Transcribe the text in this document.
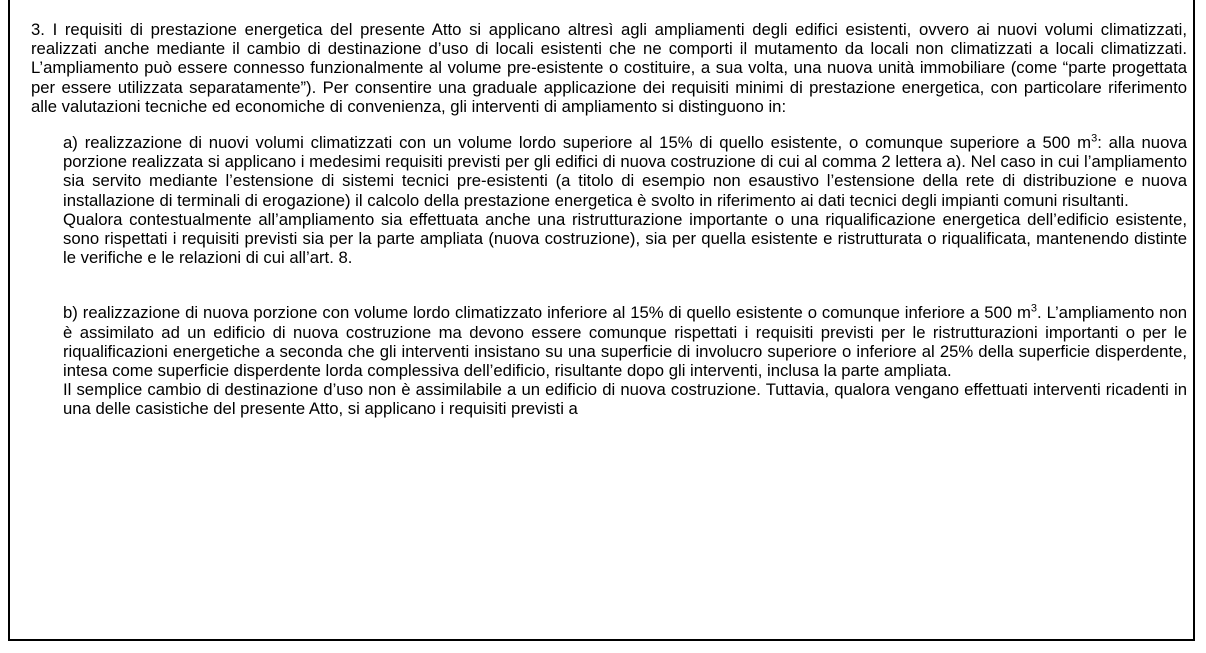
3. I requisiti di prestazione energetica del presente Atto si applicano altresì agli ampliamenti degli edifici esistenti, ovvero ai nuovi volumi climatizzati, realizzati anche mediante il cambio di destinazione d’uso di locali esistenti che ne comporti il mutamento da locali non climatizzati a locali climatizzati. L’ampliamento può essere connesso funzionalmente al volume pre-esistente o costituire, a sua volta, una nuova unità immobiliare (come “parte progettata per essere utilizzata separatamente”). Per consentire una graduale applicazione dei requisiti minimi di prestazione energetica, con particolare riferimento alle valutazioni tecniche ed economiche di convenienza, gli interventi di ampliamento si distinguono in:

a) realizzazione di nuovi volumi climatizzati con un volume lordo superiore al 15% di quello esistente, o comunque superiore a 500 $m^3$: alla nuova porzione realizzata si applicano i medesimi requisiti previsti per gli edifici di nuova costruzione di cui al comma 2 lettera a). Nel caso in cui l’ampliamento sia servito mediante l’estensione di sistemi tecnici pre-esistenti (a titolo di esempio non esaustivo l’estensione della rete di distribuzione e nuova installazione di terminali di erogazione) il calcolo della prestazione energetica è svolto in riferimento ai dati tecnici degli impianti comuni risultanti.

Qualora contestualmente all’ampliamento sia effettuata anche una ristrutturazione importante o una riqualificazione energetica dell’edificio esistente, sono rispettati i requisiti previsti sia per la parte ampliata (nuova costruzione), sia per quella esistente e ristrutturata o riqualificata, mantenendo distinte le verifiche e le relazioni di cui all’art. 8.

b) realizzazione di nuova porzione con volume lordo climatizzato inferiore al 15% di quello esistente o comunque inferiore a 500 $m^3$. L’ampliamento non è assimilato ad un edificio di nuova costruzione ma devono essere comunque rispettati i requisiti previsti per le ristrutturazioni importanti o per le riqualificazioni energetiche a seconda che gli interventi insistano su una superficie di involucro superiore o inferiore al 25% della superficie disperdente, intesa come superficie disperdente lorda complessiva dell’edificio, risultante dopo gli interventi, inclusa la parte ampliata.

Il semplice cambio di destinazione d’uso non è assimilabile a un edificio di nuova costruzione. Tuttavia, qualora vengano effettuati interventi ricadenti in una delle casistiche del presente Atto, si applicano i requisiti previsti a
